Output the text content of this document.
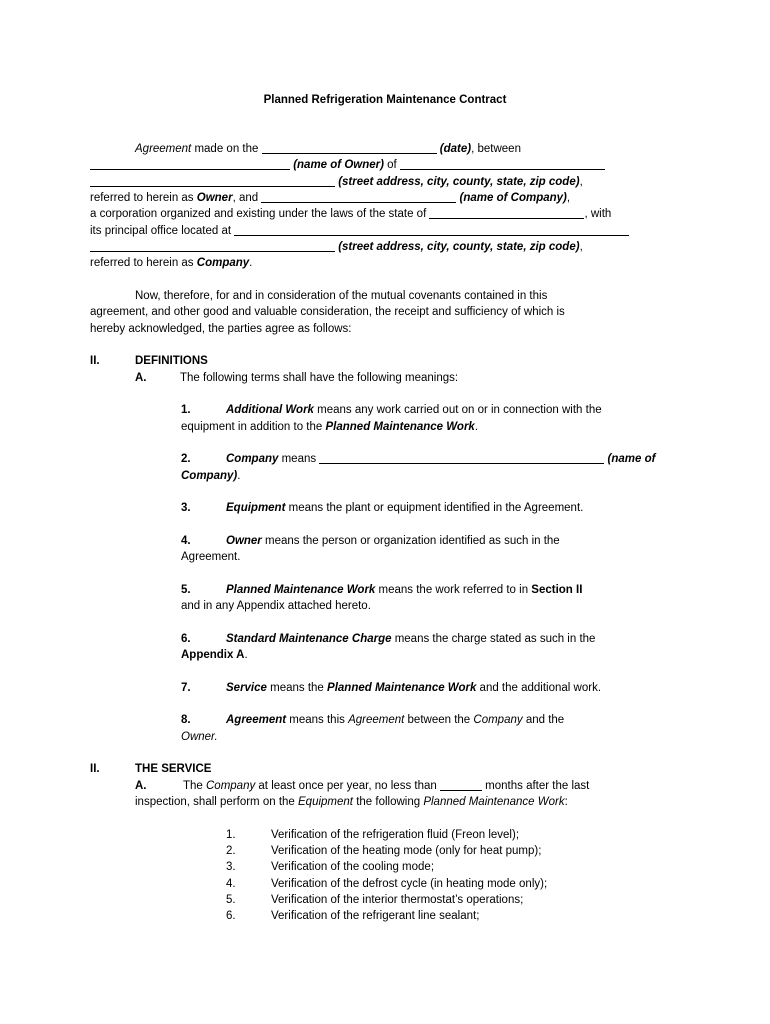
Planned Refrigeration Maintenance Contract
Agreement made on the	(date), between
(name of Owner) of
(street address, city, county, state, zip code),
referred to herein as Owner, and	(name of Company),
a corporation organized and existing under the laws of the state of	, with
its principal office located at
(street address, city, county, state, zip code),
referred to herein as Company.
Now, therefore, for and in consideration of the mutual covenants contained in this
agreement, and other good and valuable consideration, the receipt and sufficiency of which is
hereby acknowledged, the parties agree as follows:
II.	DEFINITIONS
A.	The following terms shall have the following meanings:
1.	Additional Work means any work carried out on or in connection with the
equipment in addition to the Planned Maintenance Work.
2.	Company means	(name of
Company).
3.	Equipment means the plant or equipment identified in the Agreement.
4.	Owner means the person or organization identified as such in the
Agreement.
5.	Planned Maintenance Work means the work referred to in Section II
and in any Appendix attached hereto.
6.	Standard Maintenance Charge means the charge stated as such in the
Appendix A.
7.	Service means the Planned Maintenance Work and the additional work.
8.	Agreement means this Agreement between the Company and the
Owner.
II.	THE SERVICE
A.	The Company at least once per year, no less than	months after the last
inspection, shall perform on the Equipment the following Planned Maintenance Work:
1.	Verification of the refrigeration fluid (Freon level);
2.	Verification of the heating mode (only for heat pump);
3.	Verification of the cooling mode;
4.	Verification of the defrost cycle (in heating mode only);
5.	Verification of the interior thermostat’s operations;
6.	Verification of the refrigerant line sealant;
